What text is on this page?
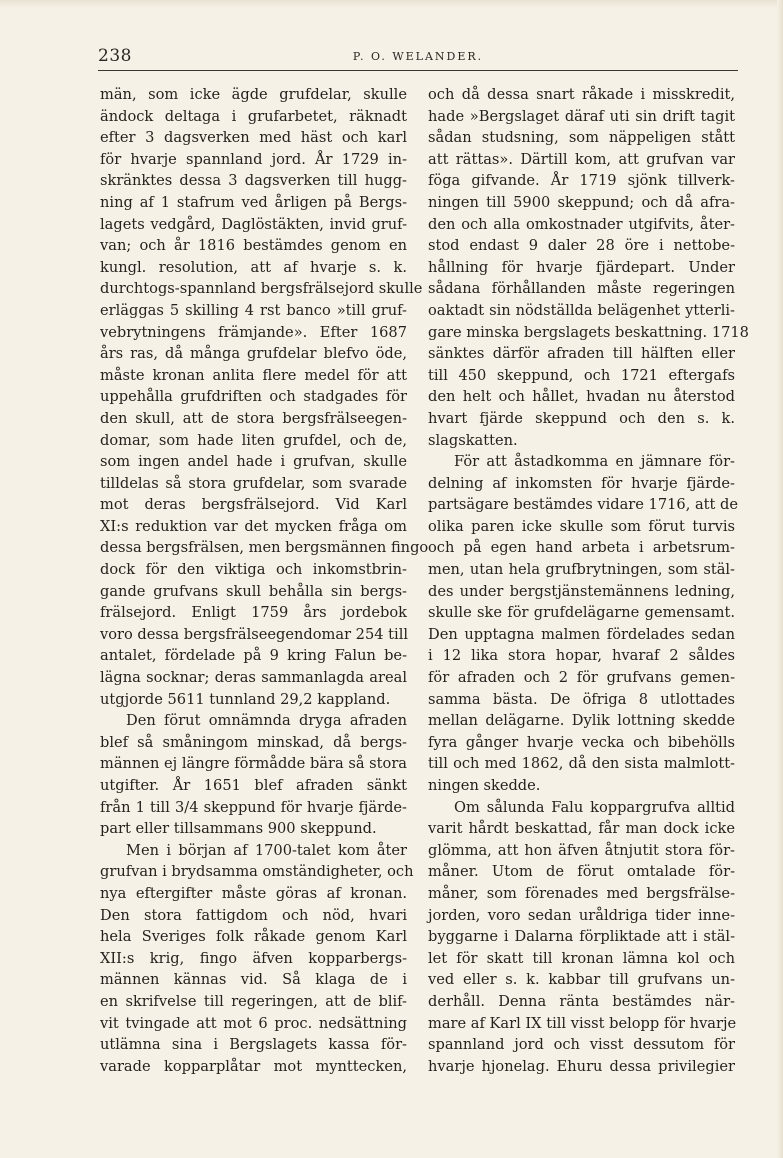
238	P. O. WELANDER.

män, som icke ägde grufdelar, skulle
ändock deltaga i grufarbetet, räknadt
efter 3 dagsverken med häst och karl
för hvarje spannland jord. År 1729 in-
skränktes dessa 3 dagsverken till hugg-
ning af 1 stafrum ved årligen på Bergs-
lagets vedgård, Daglöstäkten, invid gruf-
van; och år 1816 bestämdes genom en
kungl. resolution, att af hvarje s. k.
durchtogs-spannland bergsfrälsejord skulle
erläggas 5 skilling 4 rst banco »till gruf-
vebrytningens främjande». Efter 1687
års ras, då många grufdelar blefvo öde,
måste kronan anlita flere medel för att
uppehålla grufdriften och stadgades för
den skull, att de stora bergsfrälseegen-
domar, som hade liten grufdel, och de,
som ingen andel hade i grufvan, skulle
tilldelas så stora grufdelar, som svarade
mot deras bergsfrälsejord. Vid Karl
XI:s reduktion var det mycken fråga om
dessa bergsfrälsen, men bergsmännen fingo
dock för den viktiga och inkomstbrin-
gande grufvans skull behålla sin bergs-
frälsejord. Enligt 1759 års jordebok
voro dessa bergsfrälseegendomar 254 till
antalet, fördelade på 9 kring Falun be-
lägna socknar; deras sammanlagda areal
utgjorde 5611 tunnland 29,2 kappland.

Den förut omnämnda dryga afraden
blef så småningom minskad, då bergs-
männen ej längre förmådde bära så stora
utgifter. År 1651 blef afraden sänkt
från 1 till 3/4 skeppund för hvarje fjärde-
part eller tillsammans 900 skeppund.

Men i början af 1700-talet kom åter
grufvan i brydsamma omständigheter, och
nya eftergifter måste göras af kronan.
Den stora fattigdom och nöd, hvari
hela Sveriges folk råkade genom Karl
XII:s krig, fingo äfven kopparbergs-
männen kännas vid. Så klaga de i
en skrifvelse till regeringen, att de blif-
vit tvingade att mot 6 proc. nedsättning
utlämna sina i Bergslagets kassa för-
varade kopparplåtar mot mynttecken,

och då dessa snart råkade i misskredit,
hade »Bergslaget däraf uti sin drift tagit
sådan studsning, som näppeligen stått
att rättas». Därtill kom, att grufvan var
föga gifvande. År 1719 sjönk tillverk-
ningen till 5900 skeppund; och då afra-
den och alla omkostnader utgifvits, åter-
stod endast 9 daler 28 öre i nettobe-
hållning för hvarje fjärdepart. Under
sådana förhållanden måste regeringen
oaktadt sin nödställda belägenhet ytterli-
gare minska bergslagets beskattning. 1718
sänktes därför afraden till hälften eller
till 450 skeppund, och 1721 eftergafs
den helt och hållet, hvadan nu återstod
hvart fjärde skeppund och den s. k.
slagskatten.

För att åstadkomma en jämnare för-
delning af inkomsten för hvarje fjärde-
partsägare bestämdes vidare 1716, att de
olika paren icke skulle som förut turvis
och på egen hand arbeta i arbetsrum-
men, utan hela grufbrytningen, som stäl-
des under bergstjänstemännens ledning,
skulle ske för grufdelägarne gemensamt.
Den upptagna malmen fördelades sedan
i 12 lika stora hopar, hvaraf 2 såldes
för afraden och 2 för grufvans gemen-
samma bästa. De öfriga 8 utlottades
mellan delägarne. Dylik lottning skedde
fyra gånger hvarje vecka och bibehölls
till och med 1862, då den sista malmlott-
ningen skedde.

Om sålunda Falu koppargrufva alltid
varit hårdt beskattad, får man dock icke
glömma, att hon äfven åtnjutit stora för-
måner. Utom de förut omtalade för-
måner, som förenades med bergsfrälse-
jorden, voro sedan uråldriga tider inne-
byggarne i Dalarna förpliktade att i stäl-
let för skatt till kronan lämna kol och
ved eller s. k. kabbar till grufvans un-
derhåll. Denna ränta bestämdes när-
mare af Karl IX till visst belopp för hvarje
spannland jord och visst dessutom för
hvarje hjonelag. Ehuru dessa privilegier
